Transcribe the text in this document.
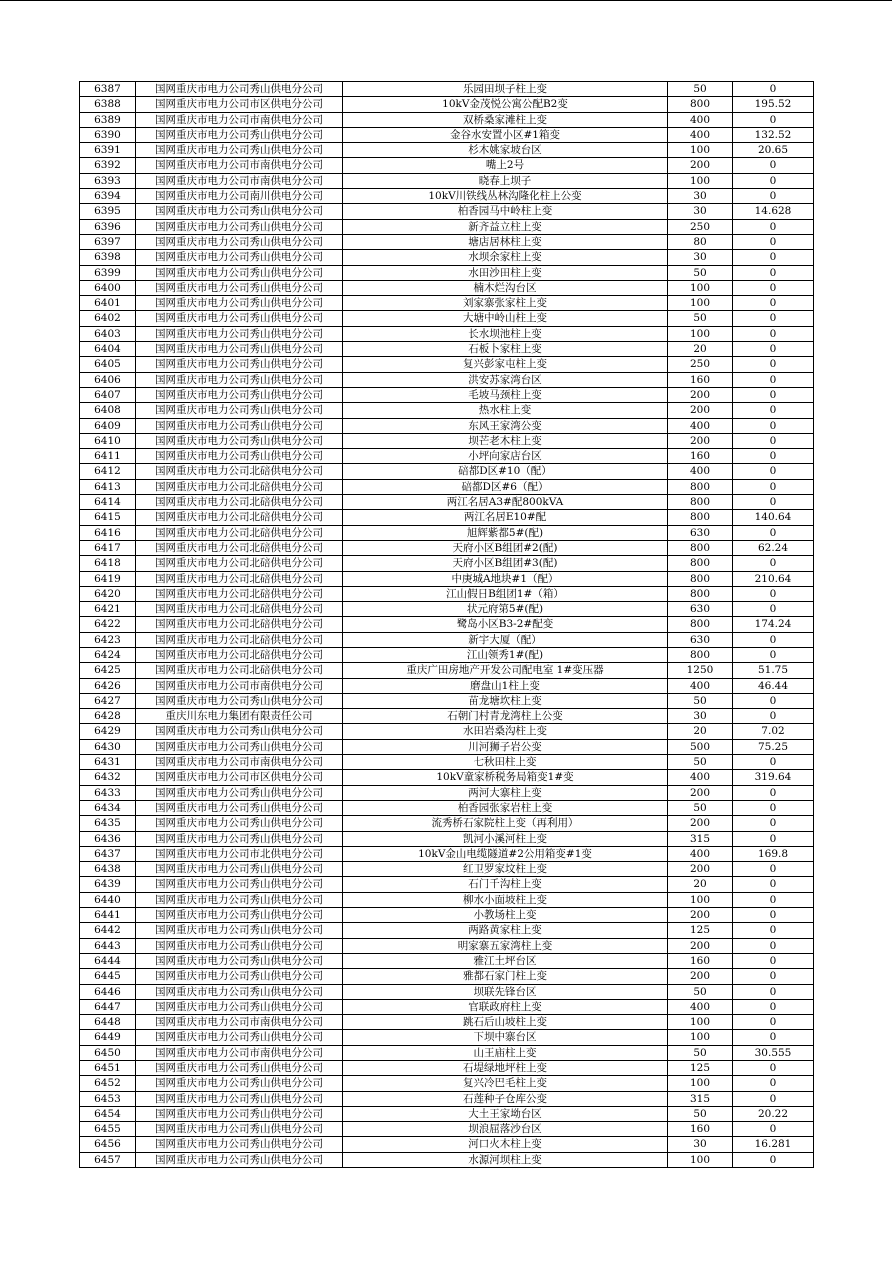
6387	国网重庆市电力公司秀山供电分公司	乐园田坝子柱上变	50	0
6388	国网重庆市电力公司市区供电分公司	10kV金茂悦公寓公配B2变	800	195.52
6389	国网重庆市电力公司市南供电分公司	双桥桑家滩柱上变	400	0
6390	国网重庆市电力公司秀山供电分公司	金谷水安置小区#1箱变	400	132.52
6391	国网重庆市电力公司秀山供电分公司	杉木姚家坡台区	100	20.65
6392	国网重庆市电力公司市南供电分公司	嘴上2号	200	0
6393	国网重庆市电力公司市南供电分公司	晓春上坝子	100	0
6394	国网重庆市电力公司南川供电分公司	10kV川铁线丛林沟隆化柱上公变	30	0
6395	国网重庆市电力公司秀山供电分公司	柏香园马中岭柱上变	30	14.628
6396	国网重庆市电力公司秀山供电分公司	新齐益立柱上变	250	0
6397	国网重庆市电力公司秀山供电分公司	塘店居林柱上变	80	0
6398	国网重庆市电力公司秀山供电分公司	水坝余家柱上变	30	0
6399	国网重庆市电力公司秀山供电分公司	水田沙田柱上变	50	0
6400	国网重庆市电力公司秀山供电分公司	楠木烂沟台区	100	0
6401	国网重庆市电力公司秀山供电分公司	刘家寨张家柱上变	100	0
6402	国网重庆市电力公司秀山供电分公司	大塘中岭山柱上变	50	0
6403	国网重庆市电力公司秀山供电分公司	长水坝池柱上变	100	0
6404	国网重庆市电力公司秀山供电分公司	石板卜家柱上变	20	0
6405	国网重庆市电力公司秀山供电分公司	复兴彭家屯柱上变	250	0
6406	国网重庆市电力公司秀山供电分公司	洪安苏家湾台区	160	0
6407	国网重庆市电力公司秀山供电分公司	毛坡马颈柱上变	200	0
6408	国网重庆市电力公司秀山供电分公司	热水柱上变	200	0
6409	国网重庆市电力公司秀山供电分公司	东风王家湾公变	400	0
6410	国网重庆市电力公司秀山供电分公司	坝芒老木柱上变	200	0
6411	国网重庆市电力公司秀山供电分公司	小坪向家店台区	160	0
6412	国网重庆市电力公司北碚供电分公司	碚都D区#10（配）	400	0
6413	国网重庆市电力公司北碚供电分公司	碚都D区#6（配）	800	0
6414	国网重庆市电力公司北碚供电分公司	两江名居A3#配800kVA	800	0
6415	国网重庆市电力公司北碚供电分公司	两江名居E10#配	800	140.64
6416	国网重庆市电力公司北碚供电分公司	旭辉紫都5#(配)	630	0
6417	国网重庆市电力公司北碚供电分公司	天府小区B组团#2(配)	800	62.24
6418	国网重庆市电力公司北碚供电分公司	天府小区B组团#3(配)	800	0
6419	国网重庆市电力公司北碚供电分公司	中庚城A地块#1（配）	800	210.64
6420	国网重庆市电力公司北碚供电分公司	江山假日B组团1#（箱）	800	0
6421	国网重庆市电力公司北碚供电分公司	状元府第5#(配)	630	0
6422	国网重庆市电力公司北碚供电分公司	鹭岛小区B3-2#配变	800	174.24
6423	国网重庆市电力公司北碚供电分公司	新宇大厦（配）	630	0
6424	国网重庆市电力公司北碚供电分公司	江山领秀1#(配)	800	0
6425	国网重庆市电力公司北碚供电分公司	重庆广田房地产开发公司配电室 1#变压器	1250	51.75
6426	国网重庆市电力公司市南供电分公司	磨盘山1柱上变	400	46.44
6427	国网重庆市电力公司秀山供电分公司	苗龙塘坎柱上变	50	0
6428	重庆川东电力集团有限责任公司	石朝门村青龙湾柱上公变	30	0
6429	国网重庆市电力公司秀山供电分公司	水田岩桑沟柱上变	20	7.02
6430	国网重庆市电力公司秀山供电分公司	川河狮子岩公变	500	75.25
6431	国网重庆市电力公司市南供电分公司	七秋田柱上变	50	0
6432	国网重庆市电力公司市区供电分公司	10kV童家桥税务局箱变1#变	400	319.64
6433	国网重庆市电力公司秀山供电分公司	两河大寨柱上变	200	0
6434	国网重庆市电力公司秀山供电分公司	柏香园张家岩柱上变	50	0
6435	国网重庆市电力公司秀山供电分公司	流秀桥石家院柱上变（再利用）	200	0
6436	国网重庆市电力公司秀山供电分公司	凯河小溪河柱上变	315	0
6437	国网重庆市电力公司市北供电分公司	10kV金山电缆隧道#2公用箱变#1变	400	169.8
6438	国网重庆市电力公司秀山供电分公司	红卫罗家坟柱上变	200	0
6439	国网重庆市电力公司秀山供电分公司	石门千沟柱上变	20	0
6440	国网重庆市电力公司秀山供电分公司	柳水小面坡柱上变	100	0
6441	国网重庆市电力公司秀山供电分公司	小教场柱上变	200	0
6442	国网重庆市电力公司秀山供电分公司	两路黄家柱上变	125	0
6443	国网重庆市电力公司秀山供电分公司	明家寨五家湾柱上变	200	0
6444	国网重庆市电力公司秀山供电分公司	雅江土坪台区	160	0
6445	国网重庆市电力公司秀山供电分公司	雅都石家门柱上变	200	0
6446	国网重庆市电力公司秀山供电分公司	坝联先锋台区	50	0
6447	国网重庆市电力公司秀山供电分公司	官联政府柱上变	400	0
6448	国网重庆市电力公司市南供电分公司	跳石后山坡柱上变	100	0
6449	国网重庆市电力公司秀山供电分公司	下坝中寨台区	100	0
6450	国网重庆市电力公司市南供电分公司	山王庙柱上变	50	30.555
6451	国网重庆市电力公司秀山供电分公司	石堤绿地坪柱上变	125	0
6452	国网重庆市电力公司秀山供电分公司	复兴冷巴毛柱上变	100	0
6453	国网重庆市电力公司秀山供电分公司	石莲种子仓库公变	315	0
6454	国网重庆市电力公司秀山供电分公司	大土王家坳台区	50	20.22
6455	国网重庆市电力公司秀山供电分公司	坝浪屈落沙台区	160	0
6456	国网重庆市电力公司秀山供电分公司	河口火木柱上变	30	16.281
6457	国网重庆市电力公司秀山供电分公司	水源河坝柱上变	100	0
